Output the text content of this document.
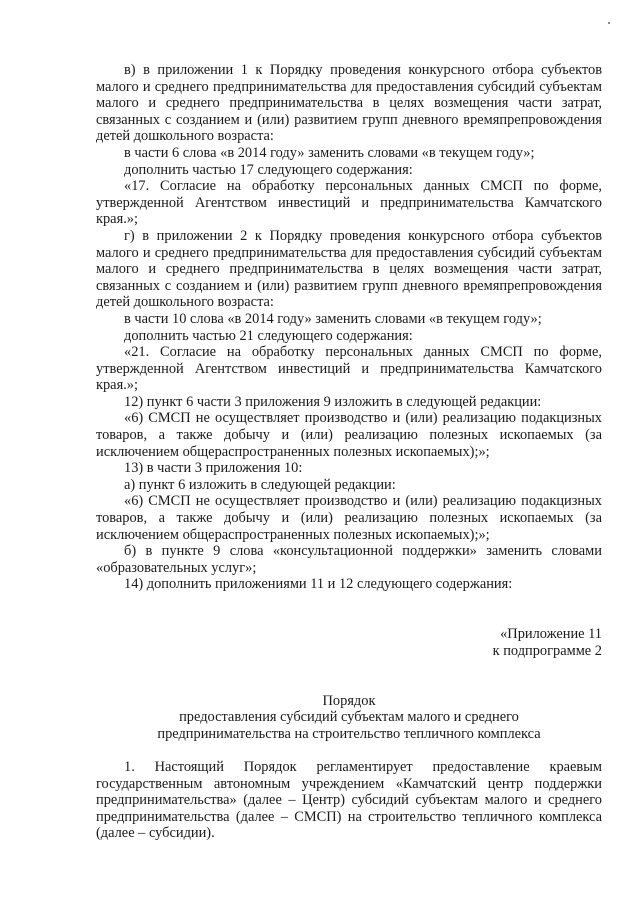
в) в приложении 1 к Порядку проведения конкурсного отбора субъектов малого и среднего предпринимательства для предоставления субсидий субъектам малого и среднего предпринимательства в целях возмещения части затрат, связанных с созданием и (или) развитием групп дневного времяпрепровождения детей дошкольного возраста:

в части 6 слова «в 2014 году» заменить словами «в текущем году»;

дополнить частью 17 следующего содержания:

«17. Согласие на обработку персональных данных СМСП по форме, утвержденной Агентством инвестиций и предпринимательства Камчатского края.»;

г) в приложении 2 к Порядку проведения конкурсного отбора субъектов малого и среднего предпринимательства для предоставления субсидий субъектам малого и среднего предпринимательства в целях возмещения части затрат, связанных с созданием и (или) развитием групп дневного времяпрепровождения детей дошкольного возраста:

в части 10 слова «в 2014 году» заменить словами «в текущем году»;

дополнить частью 21 следующего содержания:

«21. Согласие на обработку персональных данных СМСП по форме, утвержденной Агентством инвестиций и предпринимательства Камчатского края.»;

12) пункт 6 части 3 приложения 9 изложить в следующей редакции:

«6) СМСП не осуществляет производство и (или) реализацию подакцизных товаров, а также добычу и (или) реализацию полезных ископаемых (за исключением общераспространенных полезных ископаемых);»;

13) в части 3 приложения 10:

а) пункт 6 изложить в следующей редакции:

«6) СМСП не осуществляет производство и (или) реализацию подакцизных товаров, а также добычу и (или) реализацию полезных ископаемых (за исключением общераспространенных полезных ископаемых);»;

б) в пункте 9 слова «консультационной поддержки» заменить словами «образовательных услуг»;

14) дополнить приложениями 11 и 12 следующего содержания:

«Приложение 11

к подпрограмме 2

Порядок

предоставления субсидий субъектам малого и среднего

предпринимательства на строительство тепличного комплекса

1. Настоящий Порядок регламентирует предоставление краевым государственным автономным учреждением «Камчатский центр поддержки предпринимательства» (далее – Центр) субсидий субъектам малого и среднего предпринимательства (далее – СМСП) на строительство тепличного комплекса (далее – субсидии).
